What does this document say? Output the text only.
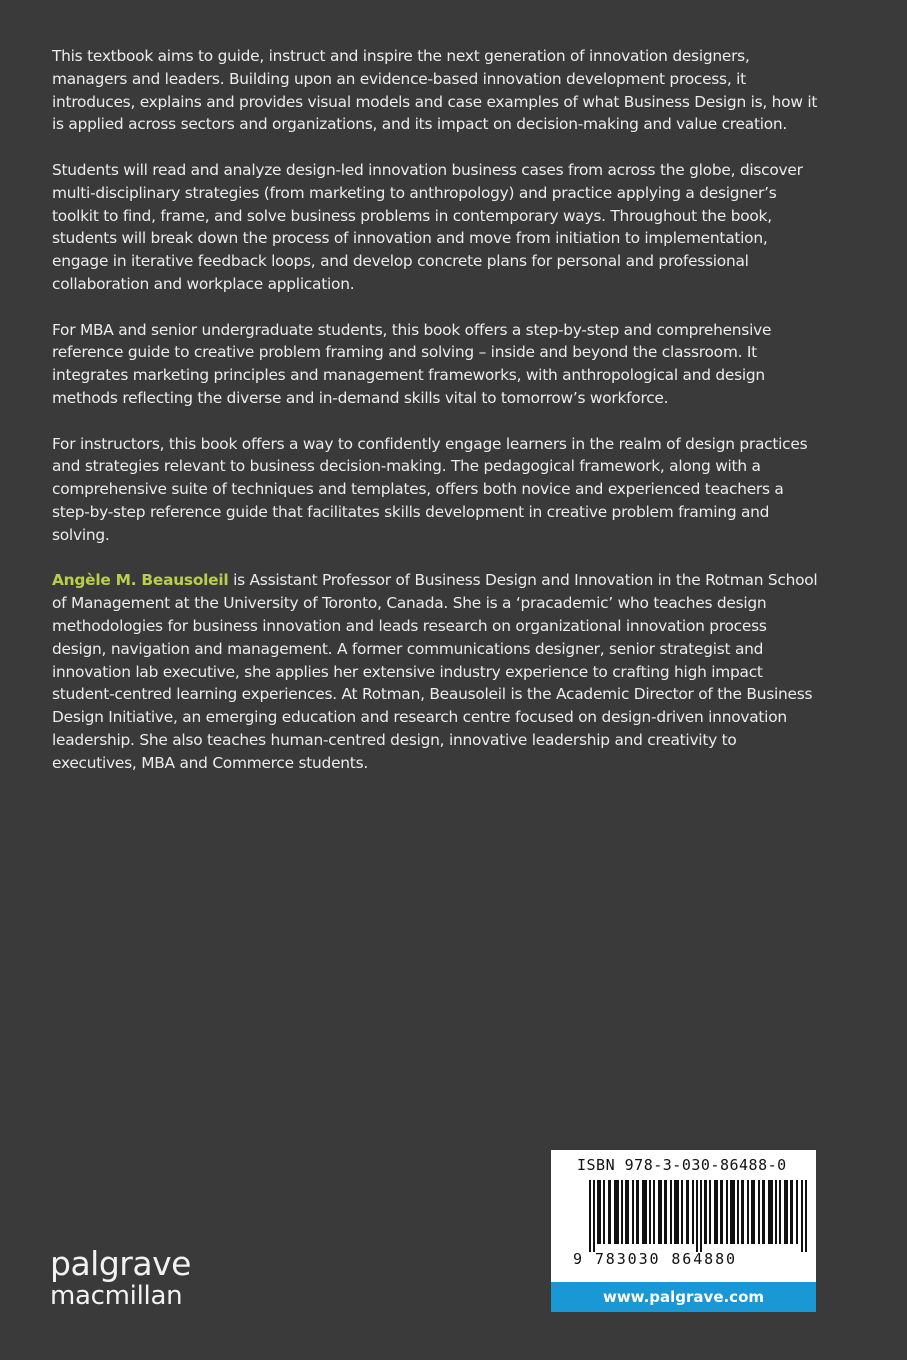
This textbook aims to guide, instruct and inspire the next generation of innovation designers, managers and leaders. Building upon an evidence-based innovation development process, it introduces, explains and provides visual models and case examples of what Business Design is, how it is applied across sectors and organizations, and its impact on decision-making and value creation.

Students will read and analyze design-led innovation business cases from across the globe, discover multi-disciplinary strategies (from marketing to anthropology) and practice applying a designer’s toolkit to find, frame, and solve business problems in contemporary ways. Throughout the book, students will break down the process of innovation and move from initiation to implementation, engage in iterative feedback loops, and develop concrete plans for personal and professional collaboration and workplace application.

For MBA and senior undergraduate students, this book offers a step-by-step and comprehensive reference guide to creative problem framing and solving – inside and beyond the classroom. It integrates marketing principles and management frameworks, with anthropological and design methods reflecting the diverse and in-demand skills vital to tomorrow’s workforce.

For instructors, this book offers a way to confidently engage learners in the realm of design practices and strategies relevant to business decision-making. The pedagogical framework, along with a comprehensive suite of techniques and templates, offers both novice and experienced teachers a step-by-step reference guide that facilitates skills development in creative problem framing and solving.

Angèle M. Beausoleil is Assistant Professor of Business Design and Innovation in the Rotman School of Management at the University of Toronto, Canada. She is a ‘pracademic’ who teaches design methodologies for business innovation and leads research on organizational innovation process design, navigation and management. A former communications designer, senior strategist and innovation lab executive, she applies her extensive industry experience to crafting high impact student-centred learning experiences. At Rotman, Beausoleil is the Academic Director of the Business Design Initiative, an emerging education and research centre focused on design-driven innovation leadership. She also teaches human-centred design, innovative leadership and creativity to executives, MBA and Commerce students.

palgrave
macmillan
ISBN 978-3-030-86488-0
9 783030 864880
www.palgrave.com
